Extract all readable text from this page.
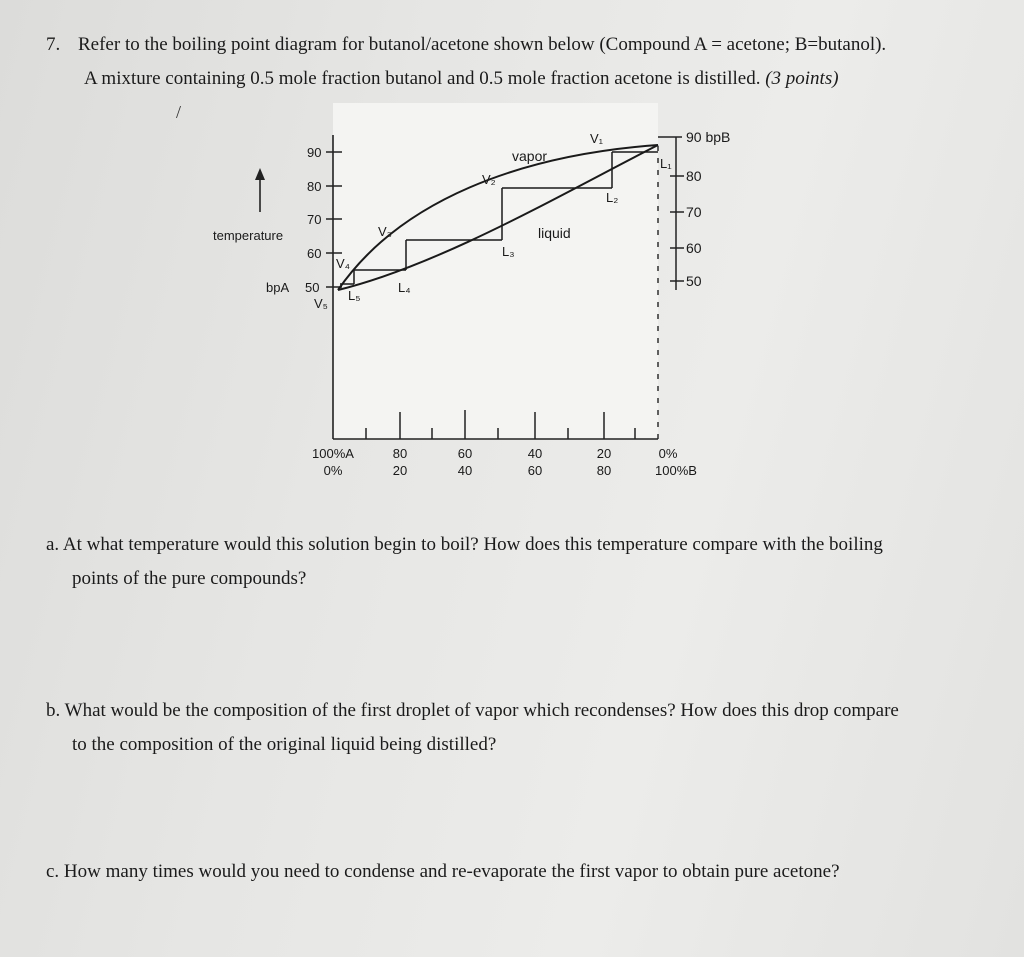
7. Refer to the boiling point diagram for butanol/acetone shown below (Compound A = acetone; B=butanol).
A mixture containing 0.5 mole fraction butanol and 0.5 mole fraction acetone is distilled. (3 points)
/
90
80
70
60
temperature
bpA 50
90 bpB
80
70
60
50
vapor
liquid
V₁
V₂
V₃
V₄
V₅
L₁
L₂
L₃
L₄
L₅
100%A	80	60	40	20	0%
0%	20	40	60	80	100%B
a. At what temperature would this solution begin to boil? How does this temperature compare with the boiling
points of the pure compounds?
b. What would be the composition of the first droplet of vapor which recondenses? How does this drop compare
to the composition of the original liquid being distilled?
c. How many times would you need to condense and re-evaporate the first vapor to obtain pure acetone?
